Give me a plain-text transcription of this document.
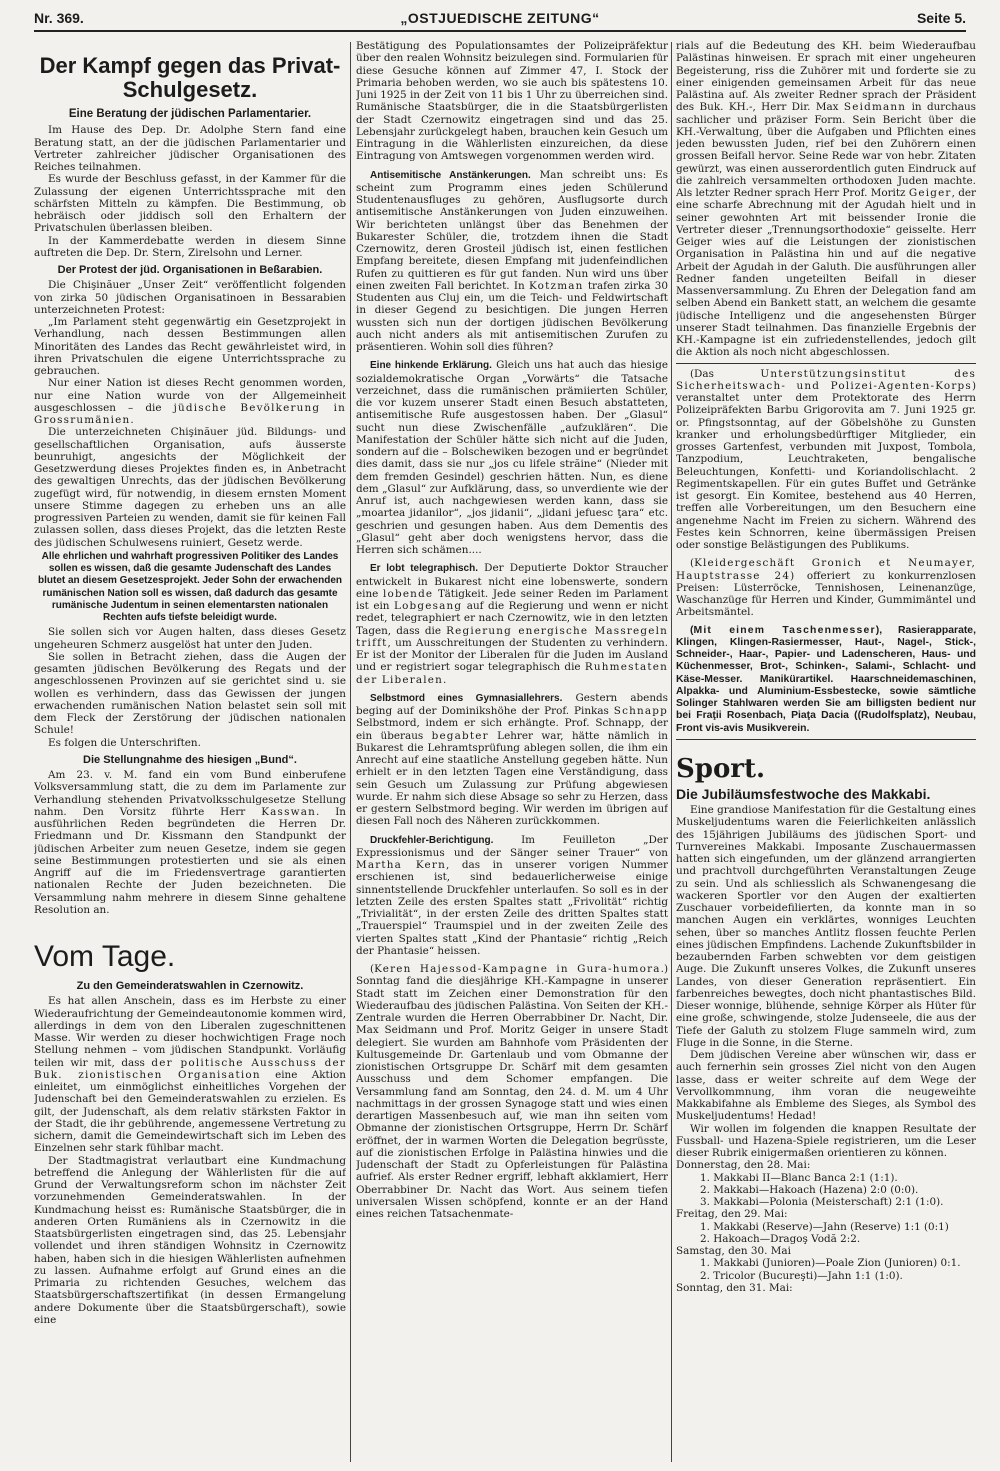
Nr. 369.	„OSTJUEDISCHE ZEITUNG“	Seite 5.
Der Kampf gegen das Privat-Schulgesetz.
Eine Beratung der jüdischen Parlamentarier.

Im Hause des Dep. Dr. Adolphe Stern fand eine Beratung statt, an der die jüdischen Parlamentarier und Vertreter zahlreicher jüdischer Organisationen des Reiches teilnahmen.

Es wurde der Beschluss gefasst, in der Kammer für die Zulassung der eigenen Unterrichtssprache mit den schärfsten Mitteln zu kämpfen. Die Bestimmung, ob hebräisch oder jiddisch soll den Erhaltern der Privatschulen überlassen bleiben.

In der Kammerdebatte werden in diesem Sinne auftreten die Dep. Dr. Stern, Zirelsohn und Lerner.

Der Protest der jüd. Organisationen in Beßarabien.

Die Chişinăuer „Unser Zeit“ veröffentlicht folgenden von zirka 50 jüdischen Organisatinoen in Bessarabien unterzeichneten Protest:

„Im Parlament steht gegenwärtig ein Gesetzprojekt in Verhandlung, nach dessen Bestimmungen allen Minoritäten des Landes das Recht gewährleistet wird, in ihren Privatschulen die eigene Unterrichtssprache zu gebrauchen.

Nur einer Nation ist dieses Recht genommen worden, nur eine Nation wurde von der Allgemeinheit ausgeschlossen – die jüdische Bevölkerung in Grossrumänien.

Die unterzeichneten Chişinăuer jüd. Bildungs- und gesellschaftlichen Organisation, aufs äusserste beunruhigt, angesichts der Möglichkeit der Gesetzwerdung dieses Projektes finden es, in Anbetracht des gewaltigen Unrechts, das der jüdischen Bevölkerung zugefügt wird, für notwendig, in diesem ernsten Moment unsere Stimme dagegen zu erheben uns an alle progressiven Parteien zu wenden, damit sie für keinen Fall zulassen sollen, dass dieses Projekt, das die letzten Reste des jüdischen Schulwesens ruiniert, Gesetz werde.

Alle ehrlichen und wahrhaft progressiven Politiker des Landes sollen es wissen, daß die gesamte Judenschaft des Landes blutet an diesem Gesetzesprojekt. Jeder Sohn der erwachenden rumänischen Nation soll es wissen, daß dadurch das gesamte rumänische Judentum in seinen elementarsten nationalen Rechten aufs tiefste beleidigt wurde.

Sie sollen sich vor Augen halten, dass dieses Gesetz ungeheuren Schmerz ausgelöst hat unter den Juden.

Sie sollen in Betracht ziehen, dass die Augen der gesamten jüdischen Bevölkerung des Regats und der angeschlossenen Provinzen auf sie gerichtet sind u. sie wollen es verhindern, dass das Gewissen der jungen erwachenden rumänischen Nation belastet sein soll mit dem Fleck der Zerstörung der jüdischen nationalen Schule!

Es folgen die Unterschriften.

Die Stellungnahme des hiesigen „Bund“.

Am 23. v. M. fand ein vom Bund einberufene Volksversammlung statt, die zu dem im Parlamente zur Verhandlung stehenden Privatvolksschulgesetze Stellung nahm. Den Vorsitz führte Herr Kasswan. In ausführlichen Reden begründeten die Herren Dr. Friedmann und Dr. Kissmann den Standpunkt der jüdischen Arbeiter zum neuen Gesetze, indem sie gegen seine Bestimmungen protestierten und sie als einen Angriff auf die im Friedensvertrage garantierten nationalen Rechte der Juden bezeichneten. Die Versammlung nahm mehrere in diesem Sinne gehaltene Resolution an.

Vom Tage.
Zu den Gemeinderatswahlen in Czernowitz.

Es hat allen Anschein, dass es im Herbste zu einer Wiederaufrichtung der Gemeindeautonomie kommen wird, allerdings in dem von den Liberalen zugeschnittenen Masse. Wir werden zu dieser hochwichtigen Frage noch Stellung nehmen – vom jüdischen Standpunkt. Vorläufig teilen wir mit, dass der politische Ausschuss der Buk. zionistischen Organisation eine Aktion einleitet, um einmöglichst einheitliches Vorgehen der Judenschaft bei den Gemeinderatswahlen zu erzielen. Es gilt, der Judenschaft, als dem relativ stärksten Faktor in der Stadt, die ihr gebührende, angemessene Vertretung zu sichern, damit die Gemeindewirtschaft sich im Leben des Einzelnen sehr stark fühlbar macht.

Der Stadtmagistrat verlautbart eine Kundmachung betreffend die Anlegung der Wählerlisten für die auf Grund der Verwaltungsreform schon im nächster Zeit vorzunehmenden Gemeinderatswahlen. In der Kundmachung heisst es: Rumänische Staatsbürger, die in anderen Orten Rumäniens als in Czernowitz in die Staatsbürgerlisten eingetragen sind, das 25. Lebensjahr vollendet und ihren ständigen Wohnsitz in Czernowitz haben, haben sich in die hiesigen Wählerlisten aufnehmen zu lassen. Aufnahme erfolgt auf Grund eines an die Primaria zu richtenden Gesuches, welchem das Staatsbürgerschaftszertifikat (in dessen Ermangelung andere Dokumente über die Staatsbürgerschaft), sowie eine

Bestätigung des Populationsamtes der Polizeipräfektur über den realen Wohnsitz beizulegen sind. Formularien für diese Gesuche können auf Zimmer 47, I. Stock der Primaria behoben werden, wo sie auch bis spätestens 10. Juni 1925 in der Zeit von 11 bis 1 Uhr zu überreichen sind. Rumänische Staatsbürger, die in die Staatsbürgerlisten der Stadt Czernowitz eingetragen sind und das 25. Lebensjahr zurückgelegt haben, brauchen kein Gesuch um Eintragung in die Wählerlisten einzureichen, da diese Eintragung von Amtswegen vorgenommen werden wird.

Antisemitische Anstänkerungen. Man schreibt uns: Es scheint zum Programm eines jeden Schülerund Studentenausfluges zu gehören, Ausflugsorte durch antisemitische Anstänkerungen von Juden einzuweihen. Wir berichteten unlängst über das Benehmen der Bukarester Schüler, die, trotzdem ihnen die Stadt Czernowitz, deren Grosteil jüdisch ist, einen festlichen Empfang bereitete, diesen Empfang mit judenfeindlichen Rufen zu quittieren es für gut fanden. Nun wird uns über einen zweiten Fall berichtet. In Kotzman trafen zirka 30 Studenten aus Cluj ein, um die Teich- und Feldwirtschaft in dieser Gegend zu besichtigen. Die jungen Herren wussten sich nun der dortigen jüdischen Bevölkerung auch nicht anders als mit antisemitischen Zurufen zu präsentieren. Wohin soll dies führen?

Eine hinkende Erklärung. Gleich uns hat auch das hiesige sozialdemokratische Organ „Vorwärts“ die Tatsache verzeichnet, dass die rumänischen prämiierten Schüler, die vor kuzem unserer Stadt einen Besuch abstatteten, antisemitische Rufe ausgestossen haben. Der „Glasul“ sucht nun diese Zwischenfälle „aufzuklären“. Die Manifestation der Schüler hätte sich nicht auf die Juden, sondern auf die – Bolschewiken bezogen und er begründet dies damit, dass sie nur „jos cu lifele străine“ (Nieder mit dem fremden Gesindel) geschrien hätten. Nun, es diene dem „Glasul“ zur Aufklärung, dass, so unverdiente wie der Anruf ist, auch nachgewiesen werden kann, dass sie „moartea jidanilor“, „jos jidanii“, „jidani jefuesc ţara“ etc. geschrien und gesungen haben. Aus dem Dementis des „Glasul“ geht aber doch wenigstens hervor, dass die Herren sich schämen....

Er lobt telegraphisch. Der Deputierte Doktor Straucher entwickelt in Bukarest nicht eine lobenswerte, sondern eine lobende Tätigkeit. Jede seiner Reden im Parlament ist ein Lobgesang auf die Regierung und wenn er nicht redet, telegraphiert er nach Czernowitz, wie in den letzten Tagen, dass die Regierung energische Massregeln trifft, um Ausschreitungen der Studenten zu verhindern. Er ist der Monitor der Liberalen für die Juden im Ausland und er registriert sogar telegraphisch die Ruhmestaten der Liberalen.

Selbstmord eines Gymnasiallehrers. Gestern abends beging auf der Dominikshöhe der Prof. Pinkas Schnapp Selbstmord, indem er sich erhängte. Prof. Schnapp, der ein überaus begabter Lehrer war, hätte nämlich in Bukarest die Lehramtsprüfung ablegen sollen, die ihm ein Anrecht auf eine staatliche Anstellung gegeben hätte. Nun erhielt er in den letzten Tagen eine Verständigung, dass sein Gesuch um Zulassung zur Prüfung abgewiesen wurde. Er nahm sich diese Absage so sehr zu Herzen, dass er gestern Selbstmord beging. Wir werden im übrigen auf diesen Fall noch des Näheren zurückkommen.

Druckfehler-Berichtigung. Im Feuilleton „Der Expressionismus und der Sänger seiner Trauer“ von Martha Kern, das in unserer vorigen Nummer erschienen ist, sind bedauerlicherweise einige sinnentstellende Druckfehler unterlaufen. So soll es in der letzten Zeile des ersten Spaltes statt „Frivolität“ richtig „Trivialität“, in der ersten Zeile des dritten Spaltes statt „Trauerspiel“ Traumspiel und in der zweiten Zeile des vierten Spaltes statt „Kind der Phantasie“ richtig „Reich der Phantasie“ heissen.

(Keren Hajessod-Kampagne in Gura-humora.) Sonntag fand die diesjährige KH.-Kampagne in unserer Stadt statt im Zeichen einer Demonstration für den Wiederaufbau des jüdischen Palästina. Von Seiten der KH.-Zentrale wurden die Herren Oberrabbiner Dr. Nacht, Dir. Max Seidmann und Prof. Moritz Geiger in unsere Stadt delegiert. Sie wurden am Bahnhofe vom Präsidenten der Kultusgemeinde Dr. Gartenlaub und vom Obmanne der zionistischen Ortsgruppe Dr. Schärf mit dem gesamten Ausschuss und dem Schomer empfangen. Die Versammlung fand am Sonntag, den 24. d. M. um 4 Uhr nachmittags in der grossen Synagoge statt und wies einen derartigen Massenbesuch auf, wie man ihn seiten vom Obmanne der zionistischen Ortsgruppe, Herrn Dr. Schärf eröffnet, der in warmen Worten die Delegation begrüsste, auf die zionistischen Erfolge in Palästina hinwies und die Judenschaft der Stadt zu Opferleistungen für Palästina aufrief. Als erster Redner ergriff, lebhaft akklamiert, Herr Oberrabbiner Dr. Nacht das Wort. Aus seinem tiefen universalen Wissen schöpfend, konnte er an der Hand eines reichen Tatsachenmate-

rials auf die Bedeutung des KH. beim Wiederaufbau Palästinas hinweisen. Er sprach mit einer ungeheuren Begeisterung, riss die Zuhörer mit und forderte sie zu einer einigenden gemeinsamen Arbeit für das neue Palästina auf. Als zweiter Redner sprach der Präsident des Buk. KH.-, Herr Dir. Max Seidmann in durchaus sachlicher und präziser Form. Sein Bericht über die KH.-Verwaltung, über die Aufgaben und Pflichten eines jeden bewussten Juden, rief bei den Zuhörern einen grossen Beifall hervor. Seine Rede war von hebr. Zitaten gewürzt, was einen ausserordentlich guten Eindruck auf die zahlreich versammelten orthodoxen Juden machte. Als letzter Redner sprach Herr Prof. Moritz Geiger, der eine scharfe Abrechnung mit der Agudah hielt und in seiner gewohnten Art mit beissender Ironie die Vertreter dieser „Trennungsorthodoxie“ geisselte. Herr Geiger wies auf die Leistungen der zionistischen Organisation in Palästina hin und auf die negative Arbeit der Agudah in der Galuth. Die ausführungen aller Redner fanden ungeteilten Beifall in dieser Massenversammlung. Zu Ehren der Delegation fand am selben Abend ein Bankett statt, an welchem die gesamte jüdische Intelligenz und die angesehensten Bürger unserer Stadt teilnahmen. Das finanzielle Ergebnis der KH.-Kampagne ist ein zufriedenstellendes, jedoch gilt die Aktion als noch nicht abgeschlossen.

(Das Unterstützungsinstitut des Sicherheitswach- und Polizei-Agenten-Korps) veranstaltet unter dem Protektorate des Herrn Polizeipräfekten Barbu Grigorovita am 7. Juni 1925 gr. or. Pfingstsonntag, auf der Göbelshöhe zu Gunsten kranker und erholungsbedürftiger Mitglieder, ein grosses Gartenfest, verbunden mit Juxpost, Tombola, Tanzpodium, Leuchtraketen, bengalische Beleuchtungen, Konfetti- und Koriandolischlacht. 2 Regimentskapellen. Für ein gutes Buffet und Getränke ist gesorgt. Ein Komitee, bestehend aus 40 Herren, treffen alle Vorbereitungen, um den Besuchern eine angenehme Nacht im Freien zu sichern. Während des Festes kein Schnorren, keine übermässigen Preisen oder sonstige Belästigungen des Publikums.

(Kleidergeschäft Gronich et Neumayer, Hauptstrasse 24) offeriert zu konkurrenzlosen Preisen: Lüsterröcke, Tennishosen, Leinenanzüge, Waschanzüge für Herren und Kinder, Gummimäntel und Arbeitsmäntel.

(Mit einem Taschenmesser), Rasierapparate, Klingen, Klingen-Rasiermesser, Haut-, Nagel-, Stick-, Schneider-, Haar-, Papier- und Ladenscheren, Haus- und Küchenmesser, Brot-, Schinken-, Salami-, Schlacht- und Käse-Messer. Manikürartikel. Haarschneidemaschinen, Alpakka- und Aluminium-Essbestecke, sowie sämtliche Solinger Stahlwaren werden Sie am billigsten bedient nur bei Fraţii Rosenbach, Piaţa Dacia ((Rudolfsplatz), Neubau, Front vis-avis Musikverein.

Sport.
Die Jubiläumsfestwoche des Makkabi.

Eine grandiose Manifestation für die Gestaltung eines Muskeljudentums waren die Feierlichkeiten anlässlich des 15jährigen Jubiläums des jüdischen Sport- und Turnvereines Makkabi. Imposante Zuschauermassen hatten sich eingefunden, um der glänzend arrangierten und prachtvoll durchgeführten Veranstaltungen Zeuge zu sein. Und als schliesslich als Schwanengesang die wackeren Sportler vor den Augen der exaltierten Zuschauer vorbeidefilierten, da konnte man in so manchen Augen ein verklärtes, wonniges Leuchten sehen, über so manches Antlitz flossen feuchte Perlen eines jüdischen Empfindens. Lachende Zukunftsbilder in bezaubernden Farben schwebten vor dem geistigen Auge. Die Zukunft unseres Volkes, die Zukunft unseres Landes, von dieser Generation repräsentiert. Ein farbenreiches bewegtes, doch nicht phantastisches Bild. Dieser wonnige, blühende, sehnige Körper als Hüter für eine große, schwingende, stolze Judenseele, die aus der Tiefe der Galuth zu stolzem Fluge sammeln wird, zum Fluge in die Sonne, in die Sterne.

Dem jüdischen Vereine aber wünschen wir, dass er auch fernerhin sein grosses Ziel nicht von den Augen lasse, dass er weiter schreite auf dem Wege der Vervollkommnung, ihm voran die neugeweihte Makkabifahne als Embleme des Sieges, als Symbol des Muskeljudentums! Hedad!

Wir wollen im folgenden die knappen Resultate der Fussball- und Hazena-Spiele registrieren, um die Leser dieser Rubrik einigermaßen orientieren zu können.

Donnerstag, den 28. Mai:

1. Makkabi II—Blanc Banca 2:1 (1:1).

2. Makkabi—Hakoach (Hazena) 2:0 (0:0).

3. Makkabi—Polonia (Meisterschaft) 2:1 (1:0).

Freitag, den 29. Mai:

1. Makkabi (Reserve)—Jahn (Reserve) 1:1 (0:1)

2. Hakoach—Dragoş Vodă 2:2.

Samstag, den 30. Mai

1. Makkabi (Junioren)—Poale Zion (Junioren) 0:1.

2. Tricolor (Bucureşti)—Jahn 1:1 (1:0).

Sonntag, den 31. Mai:
